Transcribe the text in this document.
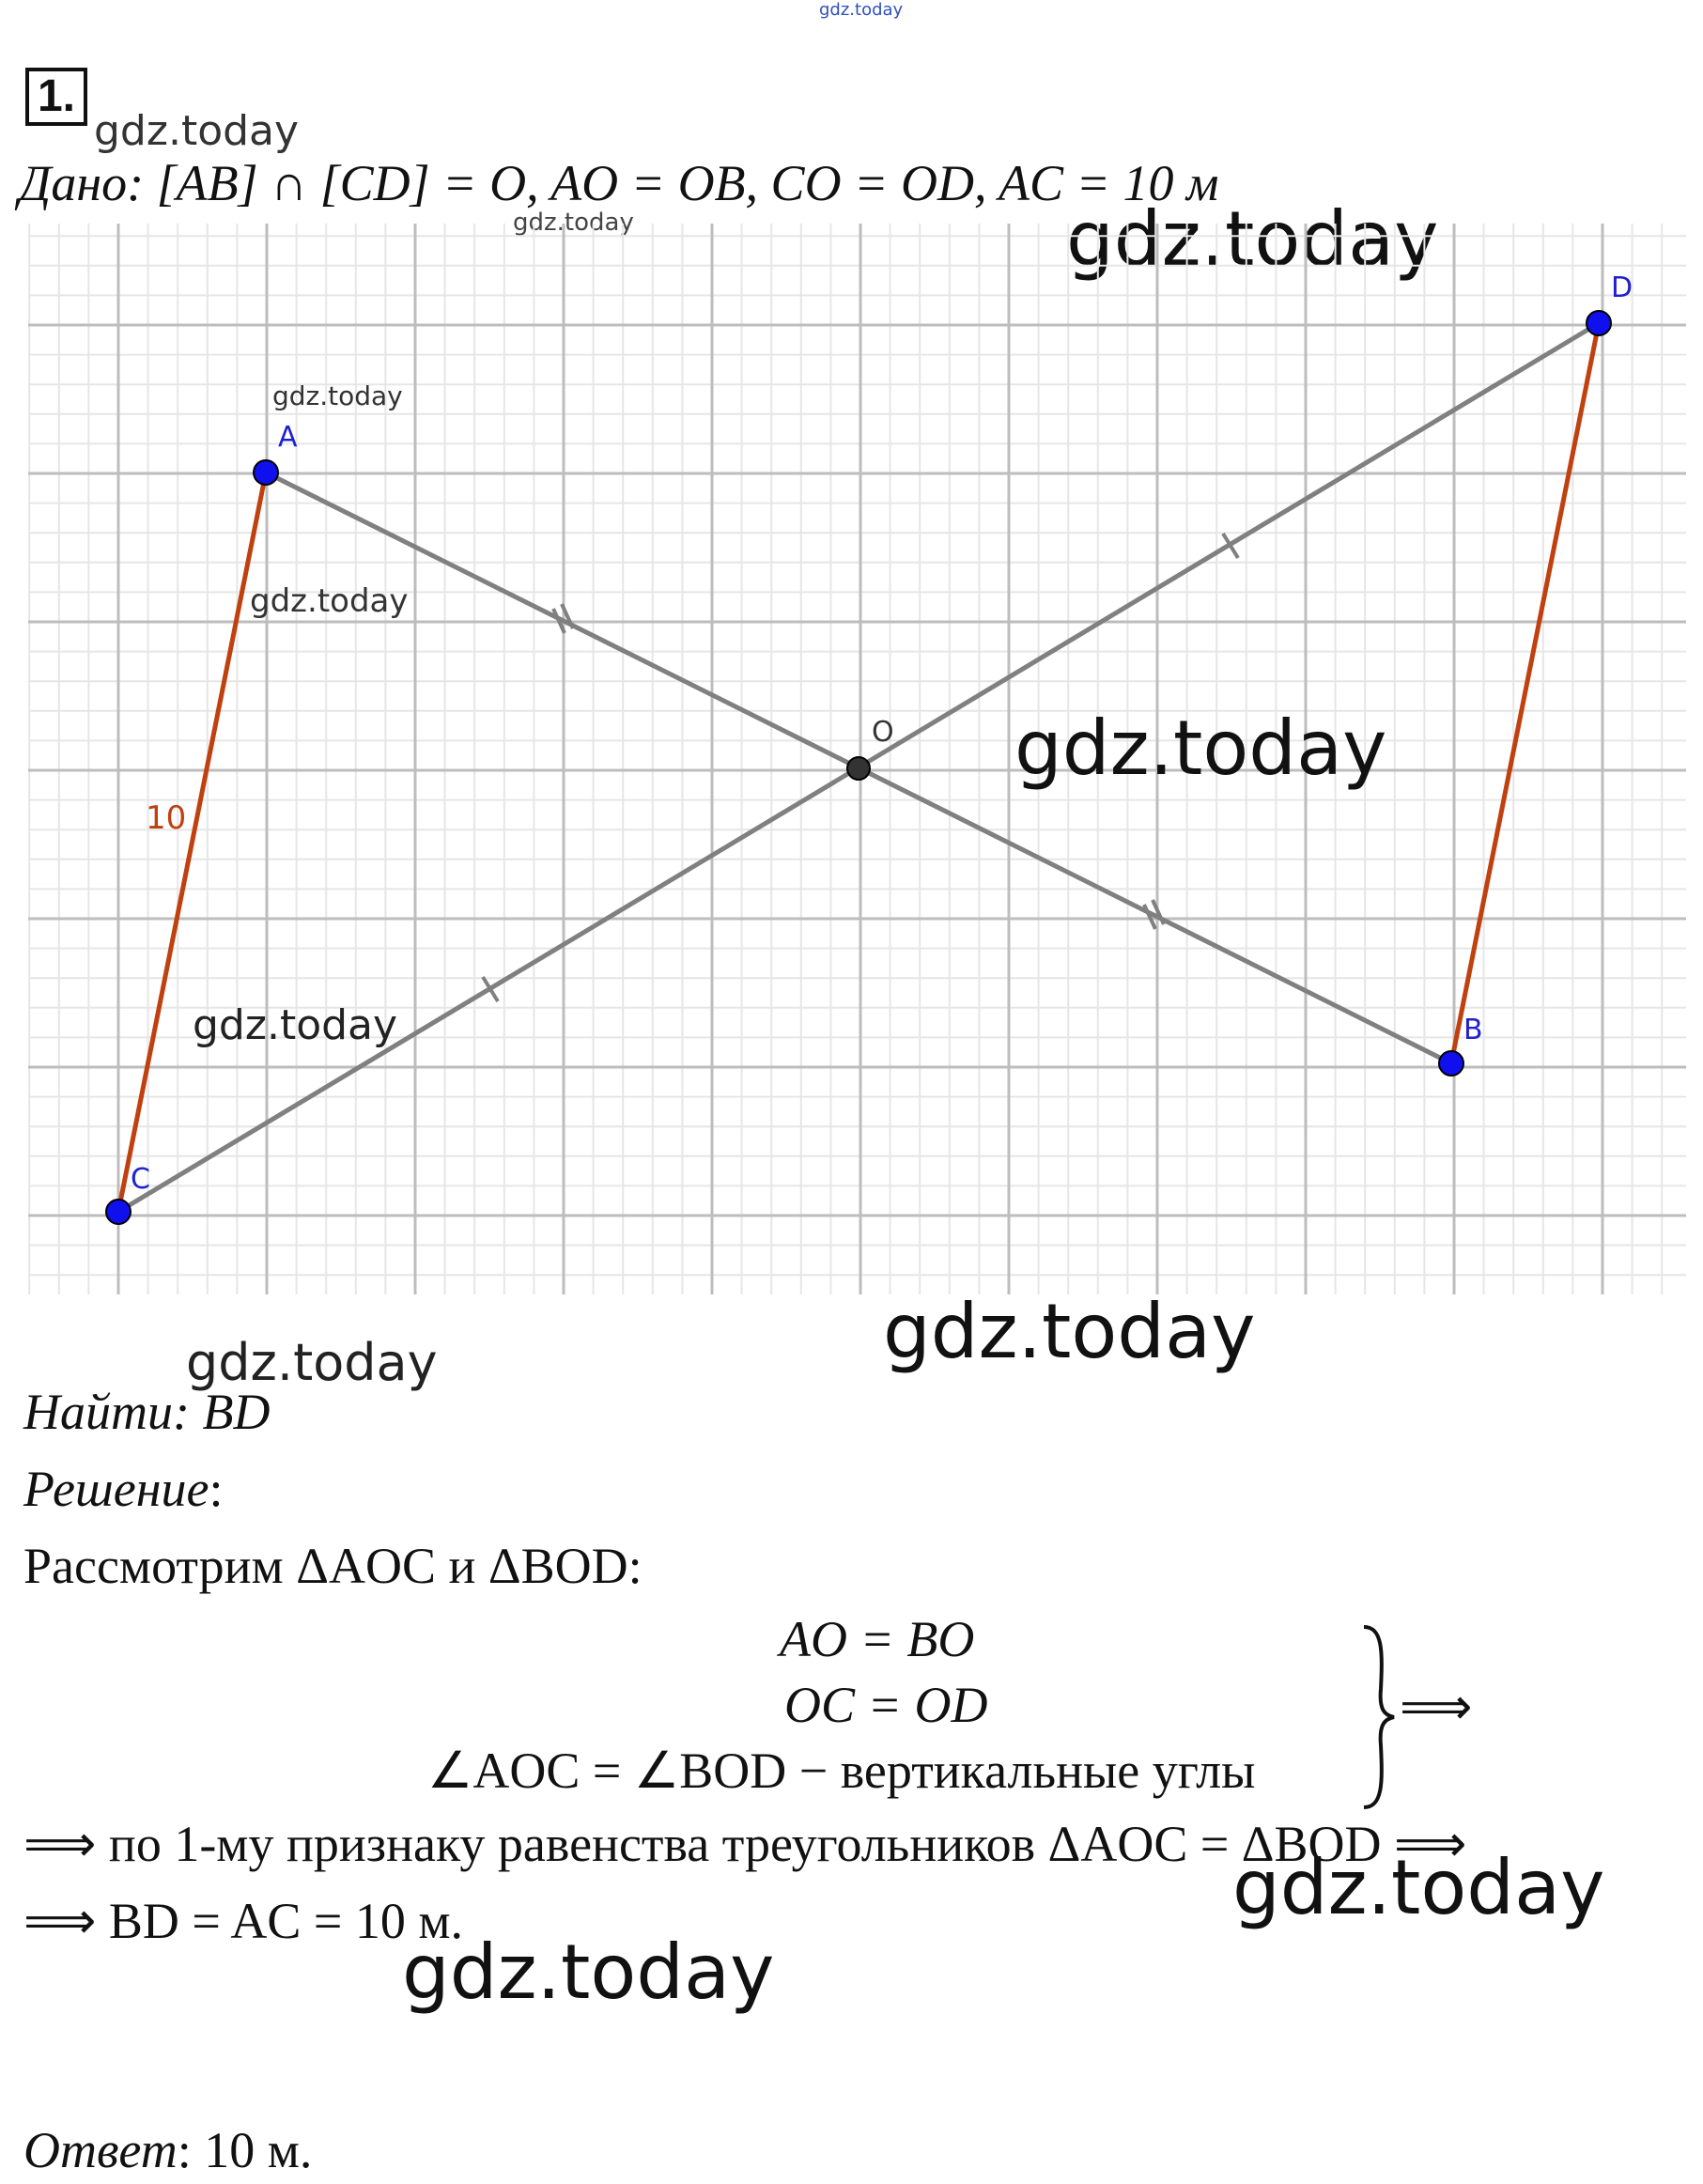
gdz.today
1.
gdz.today
Дано: [AB] ∩ [CD] = O, AO = OB, CO = OD, AC = 10 м
gdz.today	gdz.today
A
B
C
D
O
10
gdz.today
gdz.today
gdz.today
gdz.today
gdz.today	gdz.today
Найти: BD
Решение:
Рассмотрим ΔAOC и ΔBOD:
AO = BO
OC = OD
∠AOC = ∠BOD − вертикальные углы
⟹
⟹ по 1-му признаку равенства треугольников ΔAOC = ΔBOD ⟹
⟹ BD = AC = 10 м.	gdz.today
gdz.today
Ответ: 10 м.
